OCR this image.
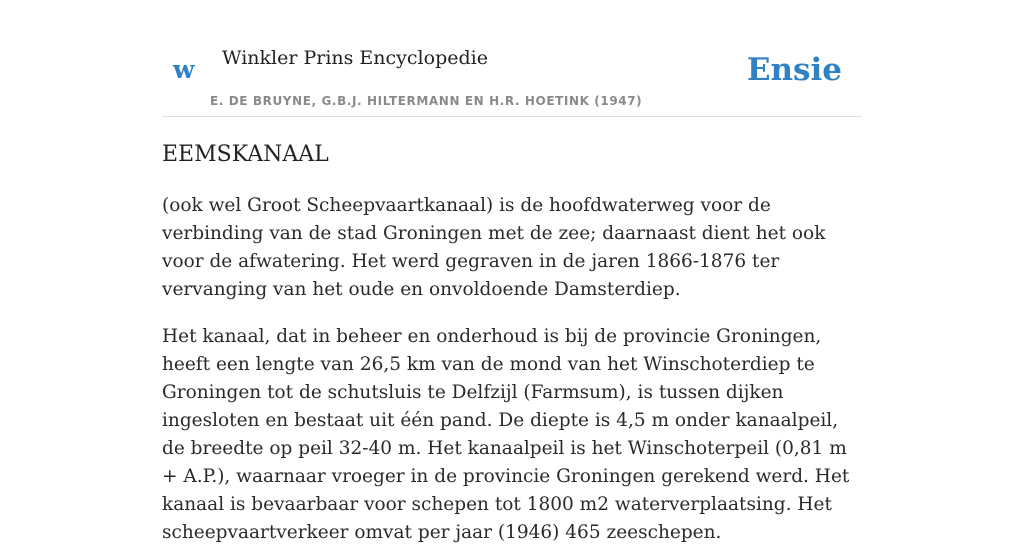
w Winkler Prins Encyclopedie
E. DE BRUYNE, G.B.J. HILTERMANN EN H.R. HOETINK (1947)
Ensie
EEMSKANAAL

(ook wel Groot Scheepvaartkanaal) is de hoofdwaterweg voor de verbinding van de stad Groningen met de zee; daarnaast dient het ook voor de afwatering. Het werd gegraven in de jaren 1866-1876 ter vervanging van het oude en onvoldoende Damsterdiep.

Het kanaal, dat in beheer en onderhoud is bij de provincie Groningen, heeft een lengte van 26,5 km van de mond van het Winschoterdiep te Groningen tot de schutsluis te Delfzijl (Farmsum), is tussen dijken ingesloten en bestaat uit één pand. De diepte is 4,5 m onder kanaalpeil, de breedte op peil 32-40 m. Het kanaalpeil is het Winschoterpeil (0,81 m + A.P.), waarnaar vroeger in de provincie Groningen gerekend werd. Het kanaal is bevaarbaar voor schepen tot 1800 m2 waterverplaatsing. Het scheepvaartverkeer omvat per jaar (1946) 465 zeeschepen.
